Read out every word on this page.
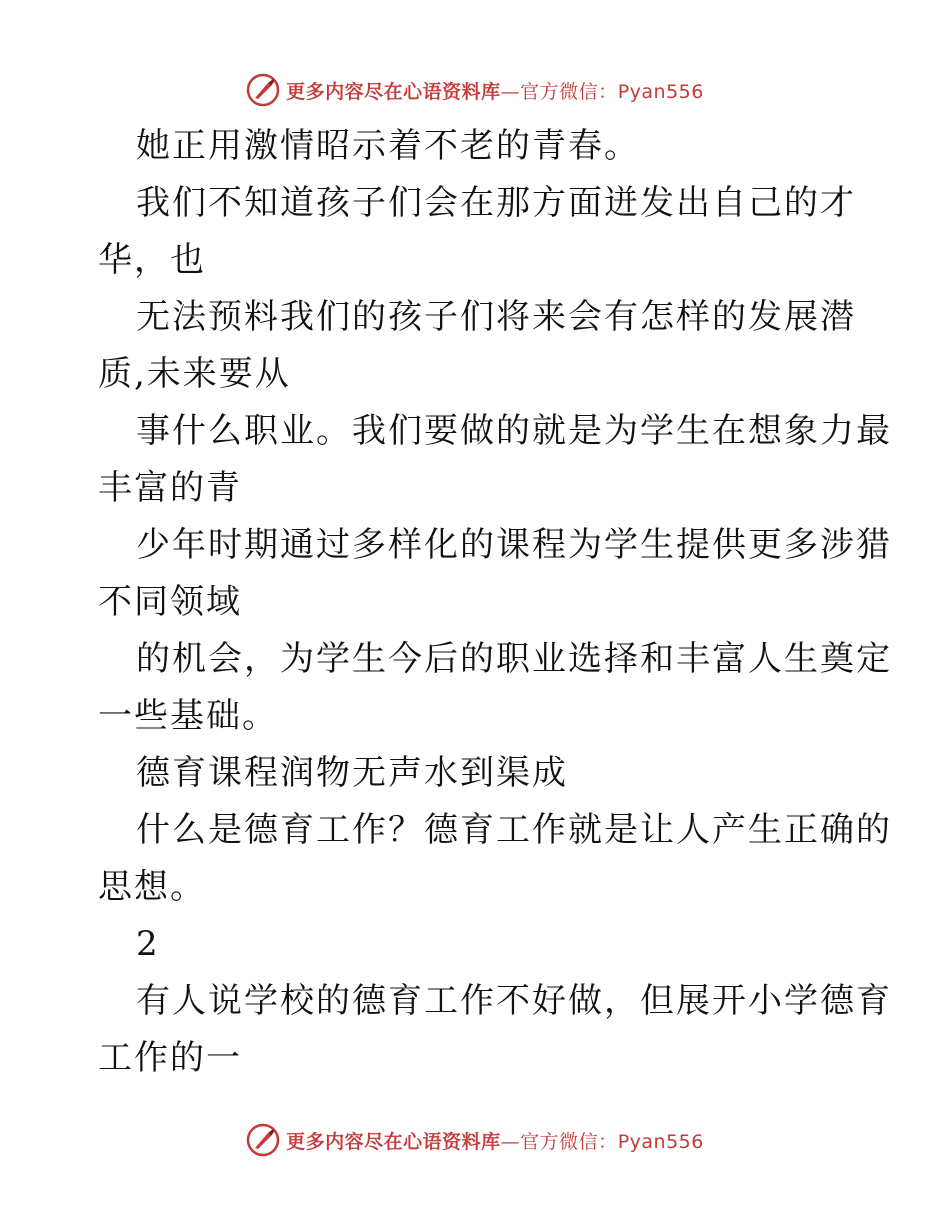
更多内容尽在心语资料库—官方微信：Pyan556
她正用激情昭示着不老的青春。
我们不知道孩子们会在那方面迸发出自己的才
华，也
无法预料我们的孩子们将来会有怎样的发展潜
质,未来要从
事什么职业。我们要做的就是为学生在想象力最
丰富的青
少年时期通过多样化的课程为学生提供更多涉猎
不同领域
的机会，为学生今后的职业选择和丰富人生奠定
一些基础。
德育课程润物无声水到渠成
什么是德育工作？德育工作就是让人产生正确的
思想。
2
有人说学校的德育工作不好做，但展开小学德育
工作的一
更多内容尽在心语资料库—官方微信：Pyan556
